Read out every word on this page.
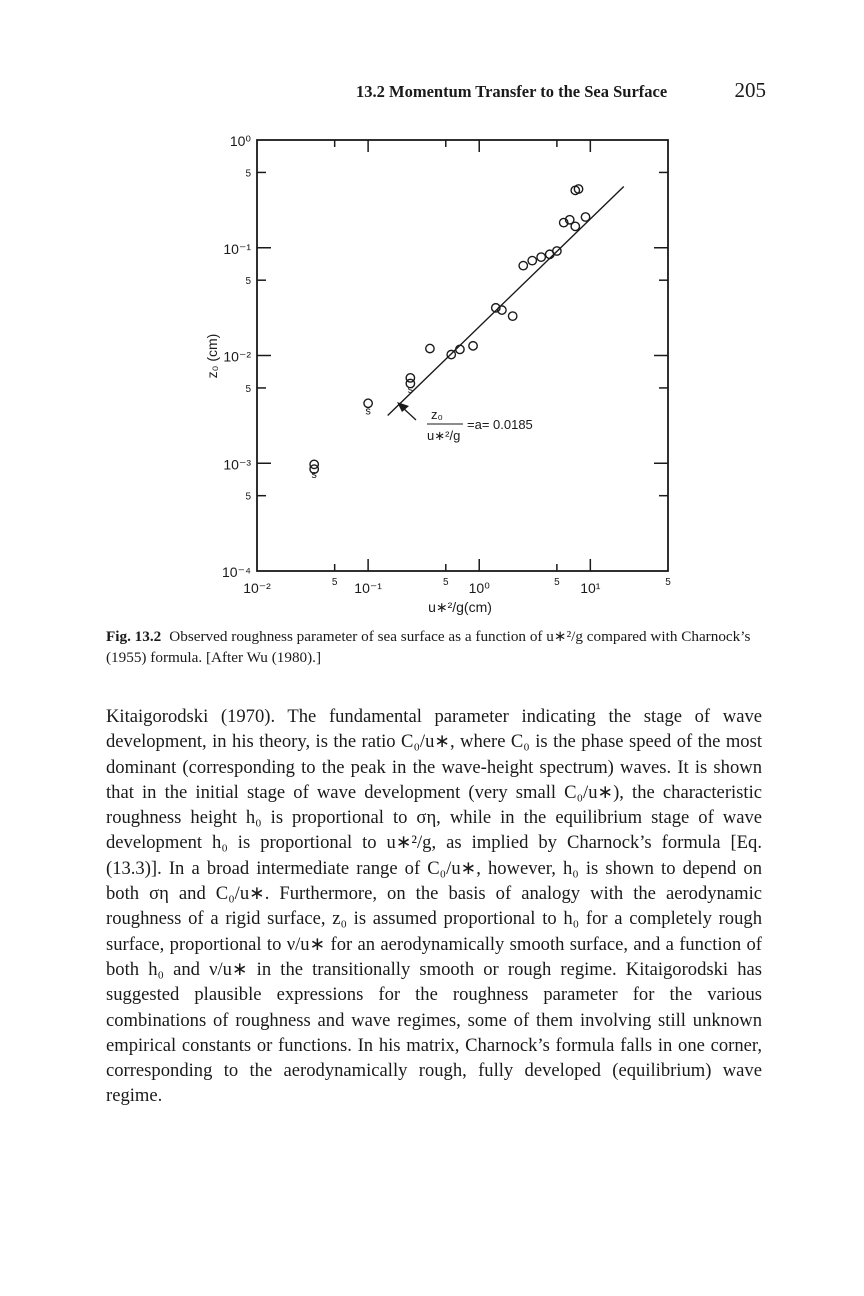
13.2 Momentum Transfer to the Sea Surface	205
10⁰
5
10⁻¹
5
10⁻²
5
10⁻³
5
10⁻⁴
10⁻²	5 10⁻¹	5 10⁰	5 10¹	5
s
s
s
u∗²/g(cm)
z₀ (cm)
z₀
u∗²/g
=a= 0.0185

Fig. 13.2 Observed roughness parameter of sea surface as a function of u∗²/g compared with Charnock’s (1955) formula. [After Wu (1980).]

Kitaigorodski (1970). The fundamental parameter indicating the stage of wave development, in his theory, is the ratio C₀/u∗, where C₀ is the phase speed of the most dominant (corresponding to the peak in the wave-height spectrum) waves. It is shown that in the initial stage of wave development (very small C₀/u∗), the characteristic roughness height h₀ is proportional to ση, while in the equilibrium stage of wave development h₀ is proportional to u∗²/g, as implied by Charnock’s formula [Eq. (13.3)]. In a broad intermediate range of C₀/u∗, however, h₀ is shown to depend on both ση and C₀/u∗. Furthermore, on the basis of analogy with the aerodynamic roughness of a rigid surface, z₀ is assumed proportional to h₀ for a completely rough surface, proportional to ν/u∗ for an aerodynamically smooth surface, and a function of both h₀ and ν/u∗ in the transitionally smooth or rough regime. Kitaigorodski has suggested plausible expressions for the roughness parameter for the various combinations of roughness and wave regimes, some of them involving still unknown empirical constants or functions. In his matrix, Charnock’s formula falls in one corner, corresponding to the aerodynamically rough, fully developed (equilibrium) wave regime.
